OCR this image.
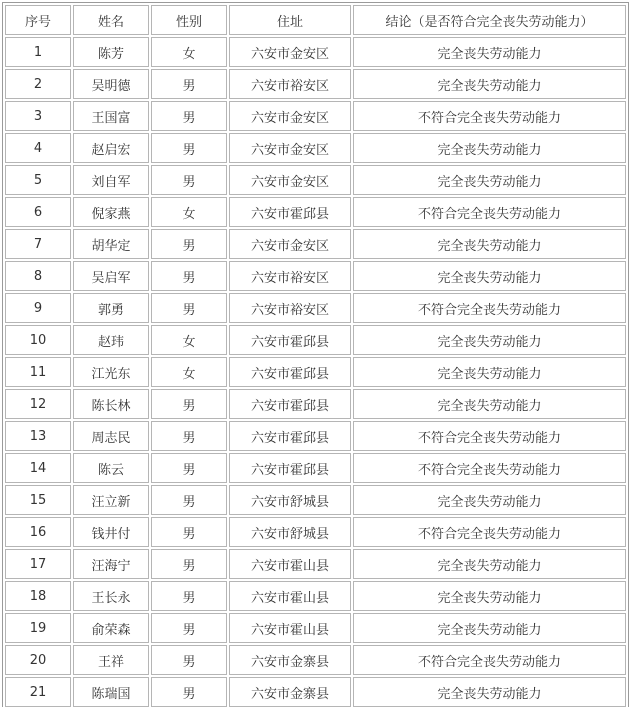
序号	姓名	性别	住址	结论（是否符合完全丧失劳动能力）
1	陈芳	女	六安市金安区	完全丧失劳动能力
2	吴明德	男	六安市裕安区	完全丧失劳动能力
3	王国富	男	六安市金安区	不符合完全丧失劳动能力
4	赵启宏	男	六安市金安区	完全丧失劳动能力
5	刘自军	男	六安市金安区	完全丧失劳动能力
6	倪家燕	女	六安市霍邱县	不符合完全丧失劳动能力
7	胡华定	男	六安市金安区	完全丧失劳动能力
8	吴启军	男	六安市裕安区	完全丧失劳动能力
9	郭勇	男	六安市裕安区	不符合完全丧失劳动能力
10	赵玮	女	六安市霍邱县	完全丧失劳动能力
11	江光东	女	六安市霍邱县	完全丧失劳动能力
12	陈长林	男	六安市霍邱县	完全丧失劳动能力
13	周志民	男	六安市霍邱县	不符合完全丧失劳动能力
14	陈云	男	六安市霍邱县	不符合完全丧失劳动能力
15	汪立新	男	六安市舒城县	完全丧失劳动能力
16	钱井付	男	六安市舒城县	不符合完全丧失劳动能力
17	汪海宁	男	六安市霍山县	完全丧失劳动能力
18	王长永	男	六安市霍山县	完全丧失劳动能力
19	俞荣森	男	六安市霍山县	完全丧失劳动能力
20	王祥	男	六安市金寨县	不符合完全丧失劳动能力
21	陈瑞国	男	六安市金寨县	完全丧失劳动能力
